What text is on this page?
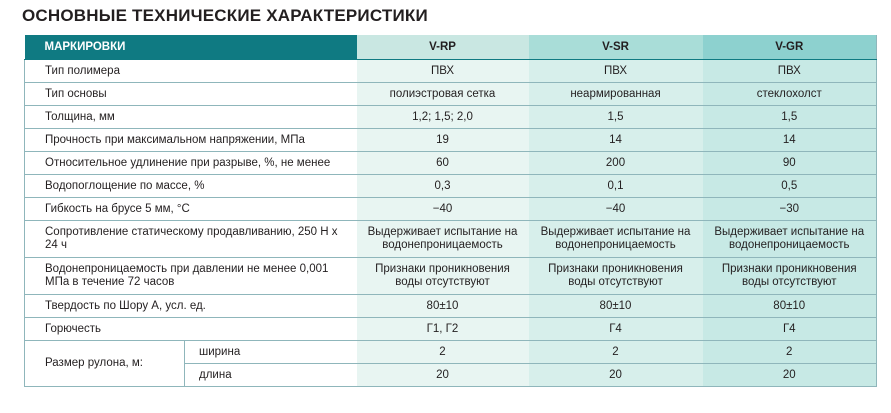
ОСНОВНЫЕ ТЕХНИЧЕСКИЕ ХАРАКТЕРИСТИКИ
МАРКИРОВКИ		V-RP	V-SR	V-GR
Тип полимера		ПВХ	ПВХ	ПВХ
Тип основы		полиэстровая сетка	неармированная	стеклохолст
Толщина, мм		1,2; 1,5; 2,0	1,5	1,5
Прочность при максимальном напряжении, МПа		19	14	14
Относительное удлинение при разрыве, %, не менее		60	200	90
Водопоглощение по массе, %		0,3	0,1	0,5
Гибкость на брусе 5 мм, °С		−40	−40	−30
Сопротивление статическому продавливанию, 250 Н х 24 ч		Выдерживает испытание на водонепроницаемость	Выдерживает испытание на водонепроницаемость	Выдерживает испытание на водонепроницаемость
Водонепроницаемость при давлении не менее 0,001 МПа в течение 72 часов		Признаки проникновения воды отсутствуют	Признаки проникновения воды отсутствуют	Признаки проникновения воды отсутствуют
Твердость по Шору А, усл. ед.		80±10	80±10	80±10
Горючесть		Г1, Г2	Г4	Г4
Размер рулона, м:	ширина	2	2	2
	длина	20	20	20
